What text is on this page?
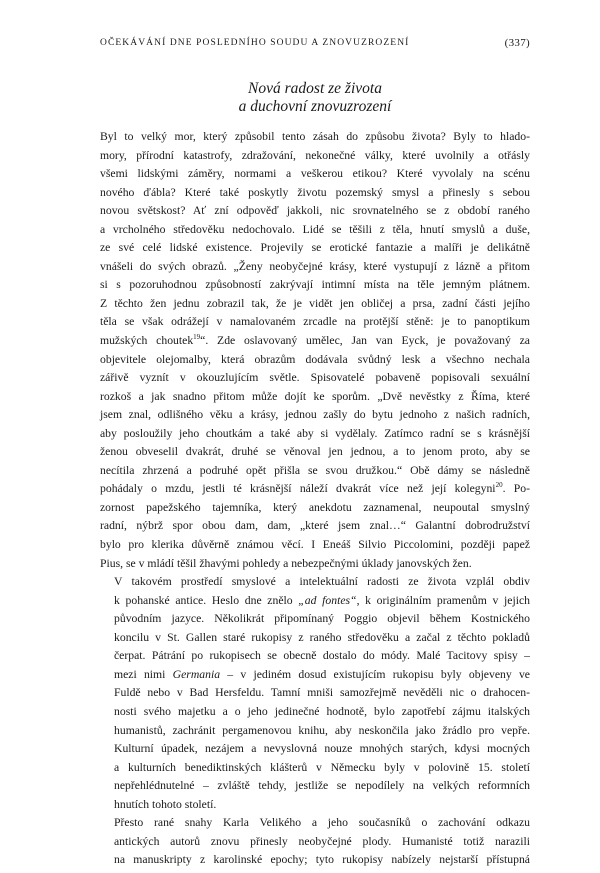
OČEKÁVÁNÍ DNE POSLEDNÍHO SOUDU A ZNOVUZROZENÍ	(337)
Nová radost ze života
a duchovní znovuzrození

Byl to velký mor, který způsobil tento zásah do způsobu života? Byly to hlado-
mory, přírodní katastrofy, zdražování, nekonečné války, které uvolnily a otřásly
všemi lidskými záměry, normami a veškerou etikou? Které vyvolaly na scénu
nového ďábla? Které také poskytly životu pozemský smysl a přinesly s sebou
novou světskost? Ať zní odpověď jakkoli, nic srovnatelného se z období raného
a vrcholného středověku nedochovalo. Lidé se těšili z těla, hnutí smyslů a duše,
ze své celé lidské existence. Projevily se erotické fantazie a malíři je delikátně
vnášeli do svých obrazů. „Ženy neobyčejné krásy, které vystupují z lázně a přitom
si s pozoruhodnou způsobností zakrývají intimní místa na těle jemným plátnem.
Z těchto žen jednu zobrazil tak, že je vidět jen obličej a prsa, zadní části jejího
těla se však odrážejí v namalovaném zrcadle na protější stěně: je to panoptikum
mužských choutek$^{19}$“. Zde oslavovaný umělec, Jan van Eyck, je považovaný za
objevitele olejomalby, která obrazům dodávala svůdný lesk a všechno nechala
zářivě vyznít v okouzlujícím světle. Spisovatelé pobaveně popisovali sexuální
rozkoš a jak snadno přitom může dojít ke sporům. „Dvě nevěstky z Říma, které
jsem znal, odlišného věku a krásy, jednou zašly do bytu jednoho z našich radních,
aby posloužily jeho choutkám a také aby si vydělaly. Zatímco radní se s krásnější
ženou obveselil dvakrát, druhé se věnoval jen jednou, a to jenom proto, aby se
necítila zhrzená a podruhé opět přišla se svou družkou.“ Obě dámy se následně
pohádaly o mzdu, jestli té krásnější náleží dvakrát více než její kolegyni$^{20}$. Po-
zornost papežského tajemníka, který anekdotu zaznamenal, neupoutal smyslný
radní, nýbrž spor obou dam, dam, „které jsem znal…“ Galantní dobrodružství
bylo pro klerika důvěrně známou věcí. I Eneáš Silvio Piccolomini, později papež
Pius, se v mládí těšil žhavými pohledy a nebezpečnými úklady janovských žen.

V takovém prostředí smyslové a intelektuální radosti ze života vzplál obdiv
k pohanské antice. Heslo dne znělo „ad fontes“, k originálním pramenům v jejich
původním jazyce. Několikrát připomínaný Poggio objevil během Kostnického
koncilu v St. Gallen staré rukopisy z raného středověku a začal z těchto pokladů
čerpat. Pátrání po rukopisech se obecně dostalo do módy. Malé Tacitovy spisy –
mezi nimi Germania – v jediném dosud existujícím rukopisu byly objeveny ve
Fuldě nebo v Bad Hersfeldu. Tamní mniši samozřejmě nevěděli nic o drahocen-
nosti svého majetku a o jeho jedinečné hodnotě, bylo zapotřebí zájmu italských
humanistů, zachránit pergamenovou knihu, aby neskončila jako žrádlo pro vepře.
Kulturní úpadek, nezájem a nevyslovná nouze mnohých starých, kdysi mocných
a kulturních benediktinských klášterů v Německu byly v polovině 15. století
nepřehlédnutelné – zvláště tehdy, jestliže se nepodílely na velkých reformních
hnutích tohoto století.

Přesto rané snahy Karla Velikého a jeho současníků o zachování odkazu
antických autorů znovu přinesly neobyčejné plody. Humanisté totiž narazili
na manuskripty z karolinské epochy; tyto rukopisy nabízely nejstarší přístupná
